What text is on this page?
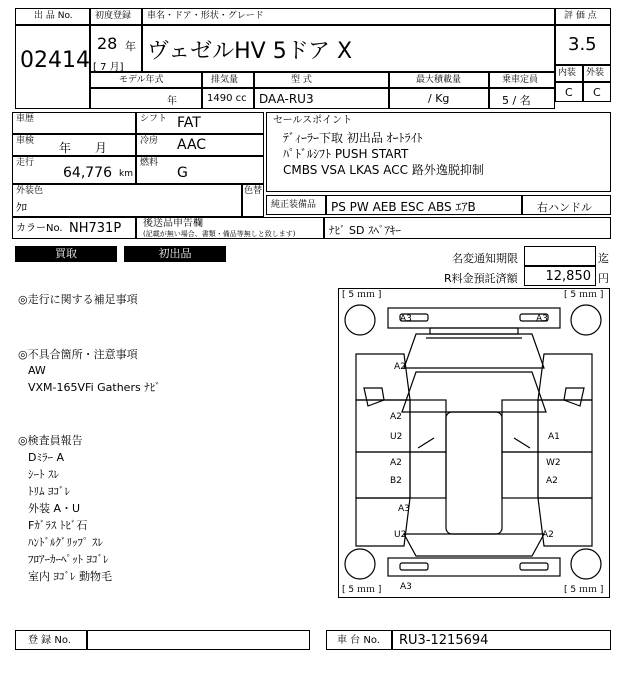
出 品 No.
02414
初度登録 車名・ドア・形状・グレード
28 年
[ 7 月]
ヴェゼルHV 5ドア X
評 価 点
3.5
内装 外装
C C
モデル年式	排気量	型 式	最大積載量	乗車定員
年	1490 cc DAA-RU3	/ Kg	5 / 名
車歴	シフト FAT
車検 年 月	冷房 AAC
走行
64,776 km
燃料
G
外装色
ｸﾛ
色替
カラーNo. NH731P 後送品申告欄
(記載が無い場合、書類・備品等無しと致します)
セールスポイント
ﾃﾞｨｰﾗｰ下取 初出品 ｵｰﾄﾗｲﾄ
ﾊﾟﾄﾞﾙｼﾌﾄ PUSH START
CMBS VSA LKAS ACC 路外逸脱抑制
純正装備品 PS PW AEB ESC ABS ｴｱB	右ハンドル
ﾅﾋﾞ SD ｽﾍﾟｱｷｰ
買取	初出品	名変通知期限	迄
R料金預託済額 12,850 円
◎走行に関する補足事項
◎不具合箇所・注意事項
AW
VXM-165VFi Gathers ﾅﾋﾞ
◎検査員報告
Dﾐﾗｰ A
ｼｰﾄ ｽﾚ
ﾄﾘﾑ ﾖｺﾞﾚ
外装 A・U
Fｶﾞﾗｽ ﾄﾋﾞ石
ﾊﾝﾄﾞﾙｸﾞﾘｯﾌﾟ ｽﾚ
ﾌﾛｱｰｶｰﾍﾟｯﾄ ﾖｺﾞﾚ
室内 ﾖｺﾞﾚ 動物毛
[ 5 ｍｍ ]	[ 5 ｍｍ ]
[ 5 ｍｍ ]	[ 5 ｍｍ ]
A3	A3
A2
A2
U2	A1
A2
B2
W2
A2
A3
U2	A2
A3
登 録 No.	車 台 No. RU3-1215694
